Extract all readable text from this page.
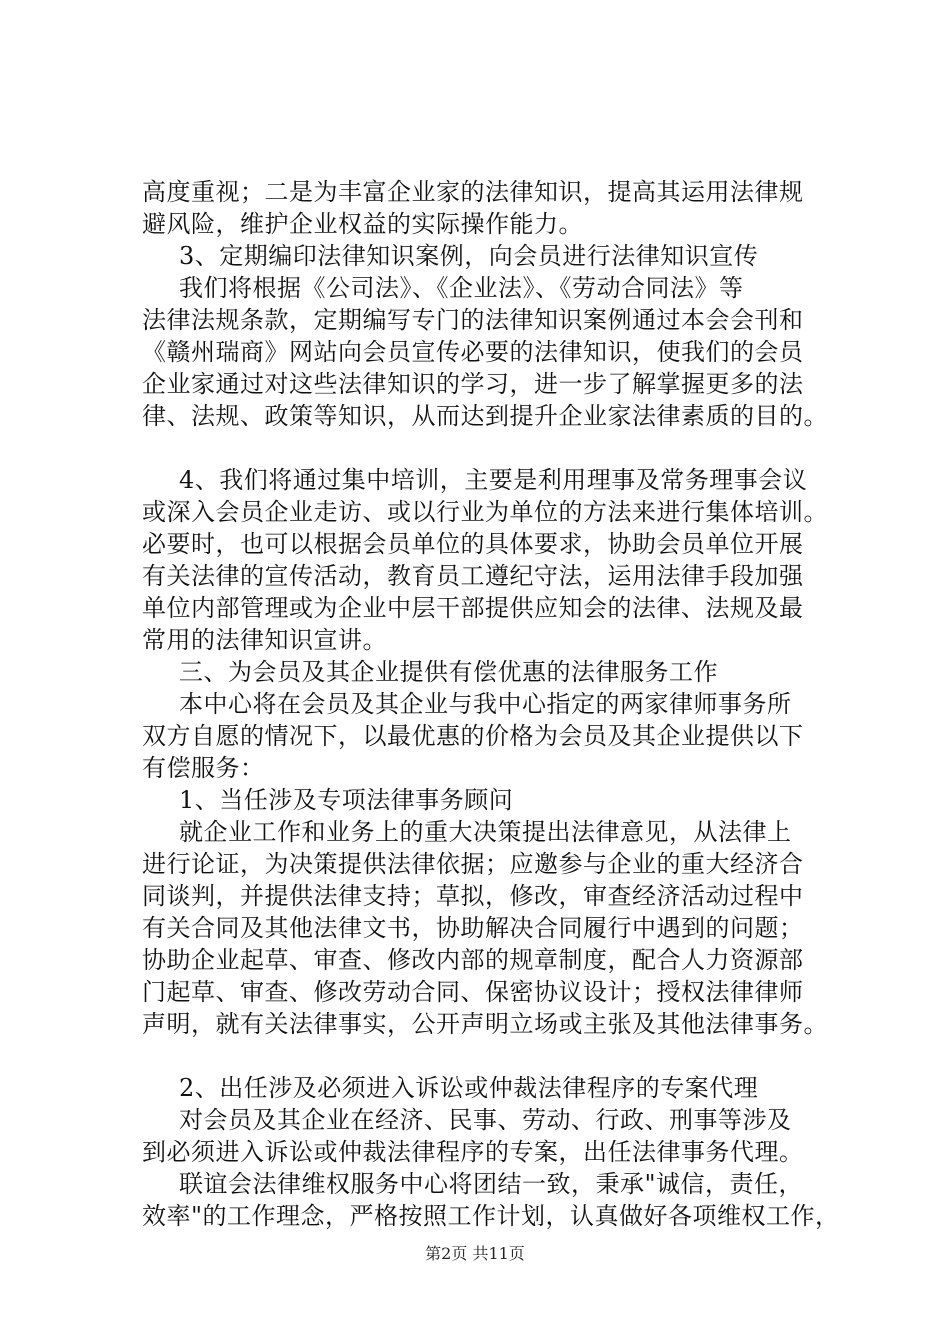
高度重视；二是为丰富企业家的法律知识，提高其运用法律规
避风险，维护企业权益的实际操作能力。
3、定期编印法律知识案例，向会员进行法律知识宣传
我们将根据《公司法》、《企业法》、《劳动合同法》等
法律法规条款，定期编写专门的法律知识案例通过本会会刊和
《赣州瑞商》网站向会员宣传必要的法律知识，使我们的会员
企业家通过对这些法律知识的学习，进一步了解掌握更多的法
律、法规、政策等知识，从而达到提升企业家法律素质的目的。
4、我们将通过集中培训，主要是利用理事及常务理事会议
或深入会员企业走访、或以行业为单位的方法来进行集体培训。
必要时，也可以根据会员单位的具体要求，协助会员单位开展
有关法律的宣传活动，教育员工遵纪守法，运用法律手段加强
单位内部管理或为企业中层干部提供应知会的法律、法规及最
常用的法律知识宣讲。
三、为会员及其企业提供有偿优惠的法律服务工作
本中心将在会员及其企业与我中心指定的两家律师事务所
双方自愿的情况下，以最优惠的价格为会员及其企业提供以下
有偿服务：
1、当任涉及专项法律事务顾问
就企业工作和业务上的重大决策提出法律意见，从法律上
进行论证，为决策提供法律依据；应邀参与企业的重大经济合
同谈判，并提供法律支持；草拟，修改，审查经济活动过程中
有关合同及其他法律文书，协助解决合同履行中遇到的问题；
协助企业起草、审查、修改内部的规章制度，配合人力资源部
门起草、审查、修改劳动合同、保密协议设计；授权法律律师
声明，就有关法律事实，公开声明立场或主张及其他法律事务。
2、出任涉及必须进入诉讼或仲裁法律程序的专案代理
对会员及其企业在经济、民事、劳动、行政、刑事等涉及
到必须进入诉讼或仲裁法律程序的专案，出任法律事务代理。
联谊会法律维权服务中心将团结一致，秉承"诚信，责任，
效率"的工作理念，严格按照工作计划，认真做好各项维权工作，
第2页 共11页
